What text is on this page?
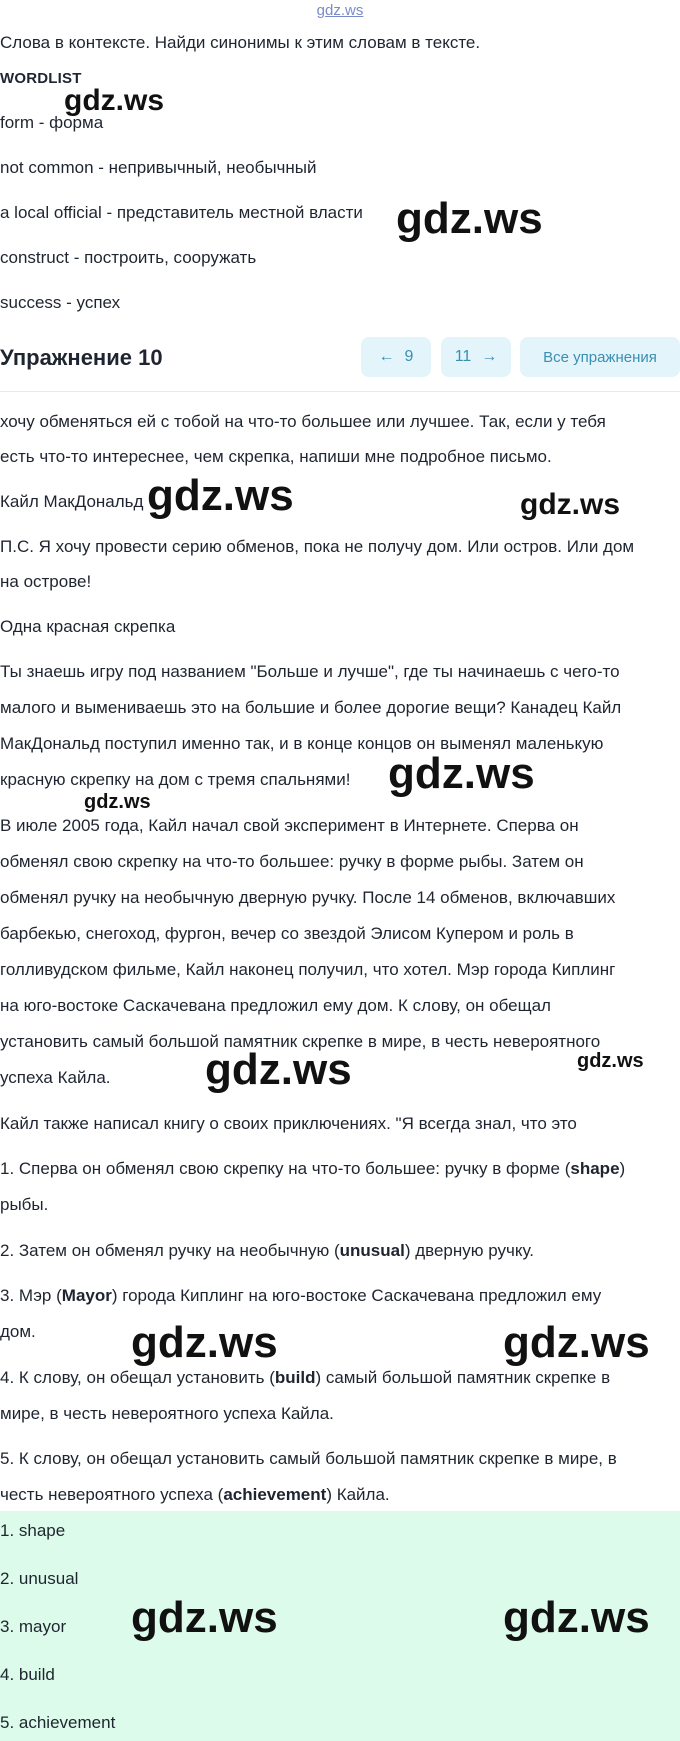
gdz.ws
Слова в контексте. Найди синонимы к этим словам в тексте.
WORDLIST
form - форма
not common - непривычный, необычный
a local official - представитель местной власти
construct - построить, сооружать
success - успех
Упражнение 10	← 9	11 →	Все упражнения
хочу обменяться ей с тобой на что-то большее или лучшее. Так, если у тебя
есть что-то интереснее, чем скрепка, напиши мне подробное письмо.
Кайл МакДональд
П.С. Я хочу провести серию обменов, пока не получу дом. Или остров. Или дом
на острове!
Одна красная скрепка
Ты знаешь игру под названием "Больше и лучше", где ты начинаешь с чего-то
малого и вымениваешь это на большие и более дорогие вещи? Канадец Кайл
МакДональд поступил именно так, и в конце концов он выменял маленькую
красную скрепку на дом с тремя спальнями!
В июле 2005 года, Кайл начал свой эксперимент в Интернете. Сперва он
обменял свою скрепку на что-то большее: ручку в форме рыбы. Затем он
обменял ручку на необычную дверную ручку. После 14 обменов, включавших
барбекью, снегоход, фургон, вечер со звездой Элисом Купером и роль в
голливудском фильме, Кайл наконец получил, что хотел. Мэр города Киплинг
на юго-востоке Саскачевана предложил ему дом. К слову, он обещал
установить самый большой памятник скрепке в мире, в честь невероятного
успеха Кайла.
Кайл также написал книгу о своих приключениях. "Я всегда знал, что это
1. Сперва он обменял свою скрепку на что-то большее: ручку в форме (shape)
рыбы.
2. Затем он обменял ручку на необычную (unusual) дверную ручку.
3. Мэр (Mayor) города Киплинг на юго-востоке Саскачевана предложил ему
дом.
4. К слову, он обещал установить (build) самый большой памятник скрепке в
мире, в честь невероятного успеха Кайла.
5. К слову, он обещал установить самый большой памятник скрепке в мире, в
честь невероятного успеха (achievement) Кайла.
1. shape
2. unusual
3. mayor
4. build
5. achievement
gdz.ws
gdz.ws
gdz.ws	gdz.ws
gdz.ws
gdz.ws
gdz.ws	gdz.ws
gdz.ws	gdz.ws
gdz.ws	gdz.ws
